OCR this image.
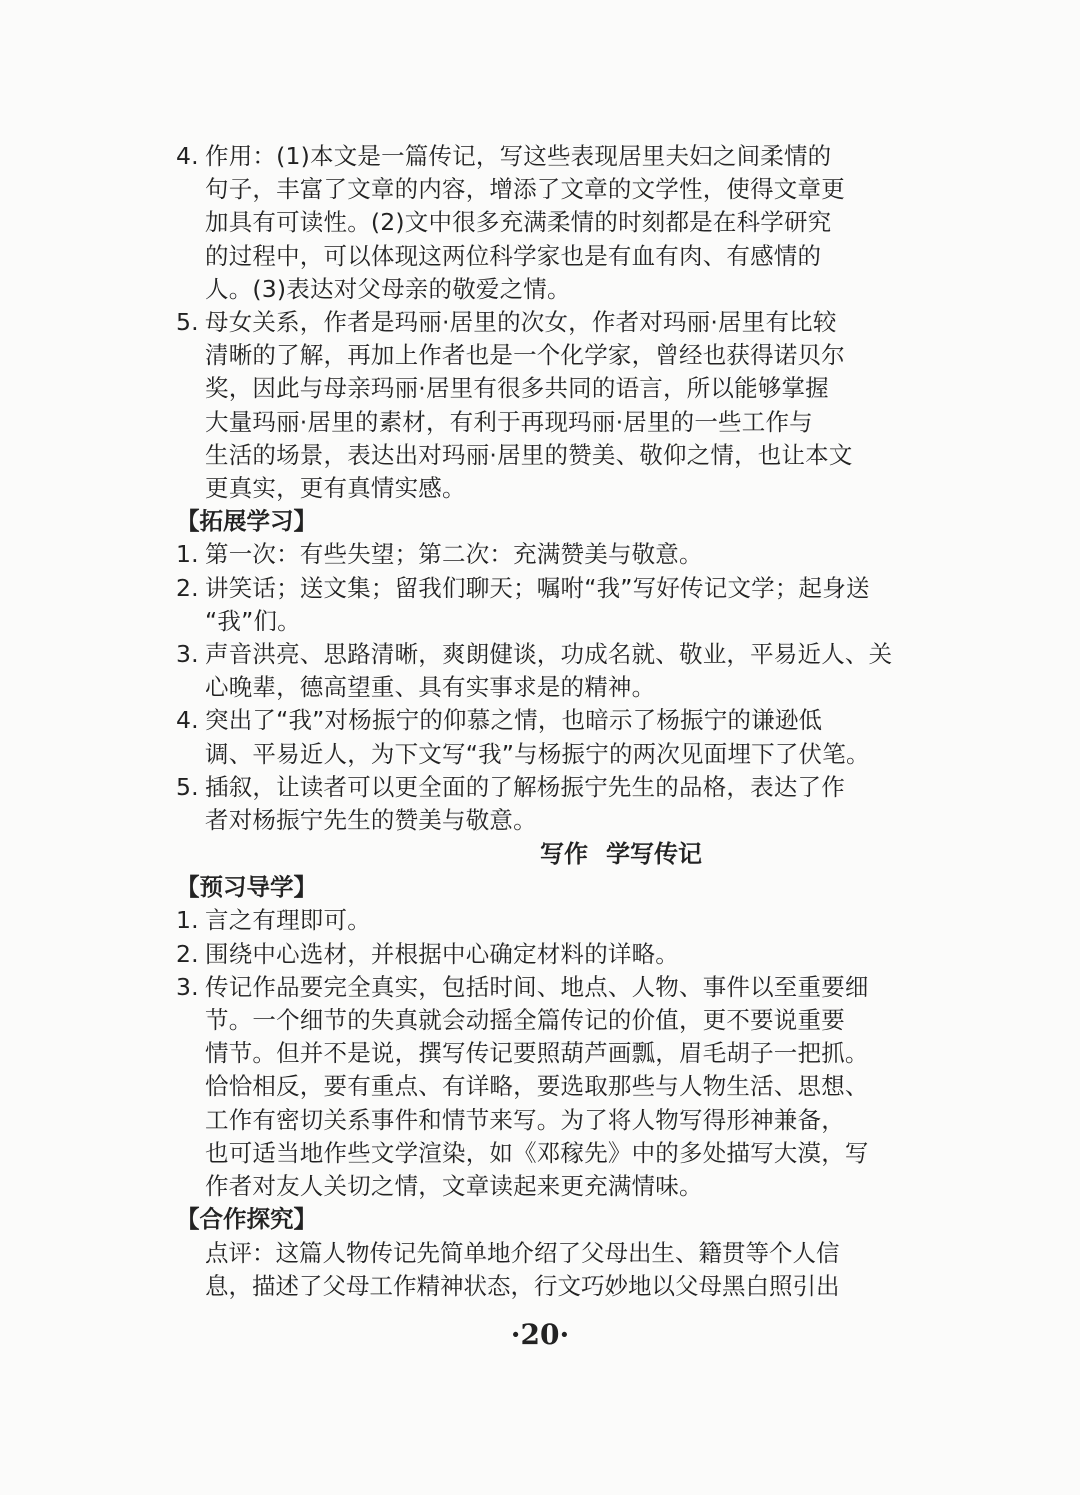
4. 作用：(1)本文是一篇传记，写这些表现居里夫妇之间柔情的
句子，丰富了文章的内容，增添了文章的文学性，使得文章更
加具有可读性。(2)文中很多充满柔情的时刻都是在科学研究
的过程中，可以体现这两位科学家也是有血有肉、有感情的
人。(3)表达对父母亲的敬爱之情。
5. 母女关系，作者是玛丽·居里的次女，作者对玛丽·居里有比较
清晰的了解，再加上作者也是一个化学家，曾经也获得诺贝尔
奖，因此与母亲玛丽·居里有很多共同的语言，所以能够掌握
大量玛丽·居里的素材，有利于再现玛丽·居里的一些工作与
生活的场景，表达出对玛丽·居里的赞美、敬仰之情，也让本文
更真实，更有真情实感。
【拓展学习】
1. 第一次：有些失望；第二次：充满赞美与敬意。
2. 讲笑话；送文集；留我们聊天；嘱咐“我”写好传记文学；起身送
“我”们。
3. 声音洪亮、思路清晰，爽朗健谈，功成名就、敬业，平易近人、关
心晚辈，德高望重、具有实事求是的精神。
4. 突出了“我”对杨振宁的仰慕之情，也暗示了杨振宁的谦逊低
调、平易近人，为下文写“我”与杨振宁的两次见面埋下了伏笔。
5. 插叙，让读者可以更全面的了解杨振宁先生的品格，表达了作
者对杨振宁先生的赞美与敬意。
写作 学写传记
【预习导学】
1. 言之有理即可。
2. 围绕中心选材，并根据中心确定材料的详略。
3. 传记作品要完全真实，包括时间、地点、人物、事件以至重要细
节。一个细节的失真就会动摇全篇传记的价值，更不要说重要
情节。但并不是说，撰写传记要照葫芦画瓢，眉毛胡子一把抓。
恰恰相反，要有重点、有详略，要选取那些与人物生活、思想、
工作有密切关系事件和情节来写。为了将人物写得形神兼备，
也可适当地作些文学渲染，如《邓稼先》中的多处描写大漠，写
作者对友人关切之情，文章读起来更充满情味。
【合作探究】
点评：这篇人物传记先简单地介绍了父母出生、籍贯等个人信
息，描述了父母工作精神状态，行文巧妙地以父母黑白照引出
·20·
